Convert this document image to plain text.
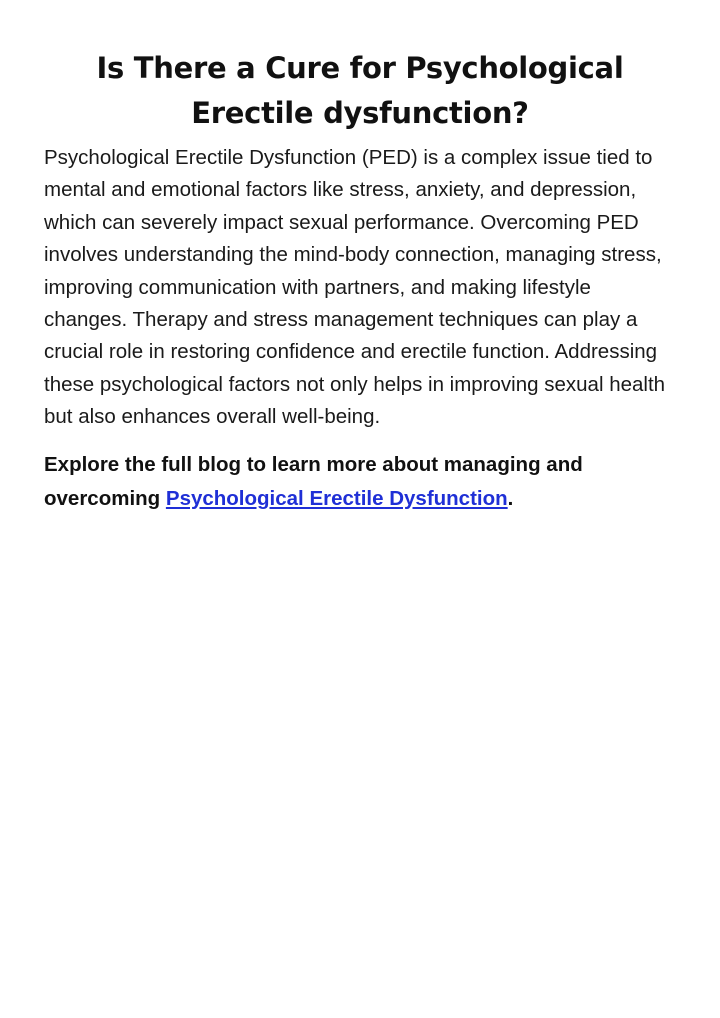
Is There a Cure for Psychological Erectile dysfunction?

Psychological Erectile Dysfunction (PED) is a complex issue tied to mental and emotional factors like stress, anxiety, and depression, which can severely impact sexual performance. Overcoming PED involves understanding the mind-body connection, managing stress, improving communication with partners, and making lifestyle changes. Therapy and stress management techniques can play a crucial role in restoring confidence and erectile function. Addressing these psychological factors not only helps in improving sexual health but also enhances overall well-being.

Explore the full blog to learn more about managing and overcoming Psychological Erectile Dysfunction.
